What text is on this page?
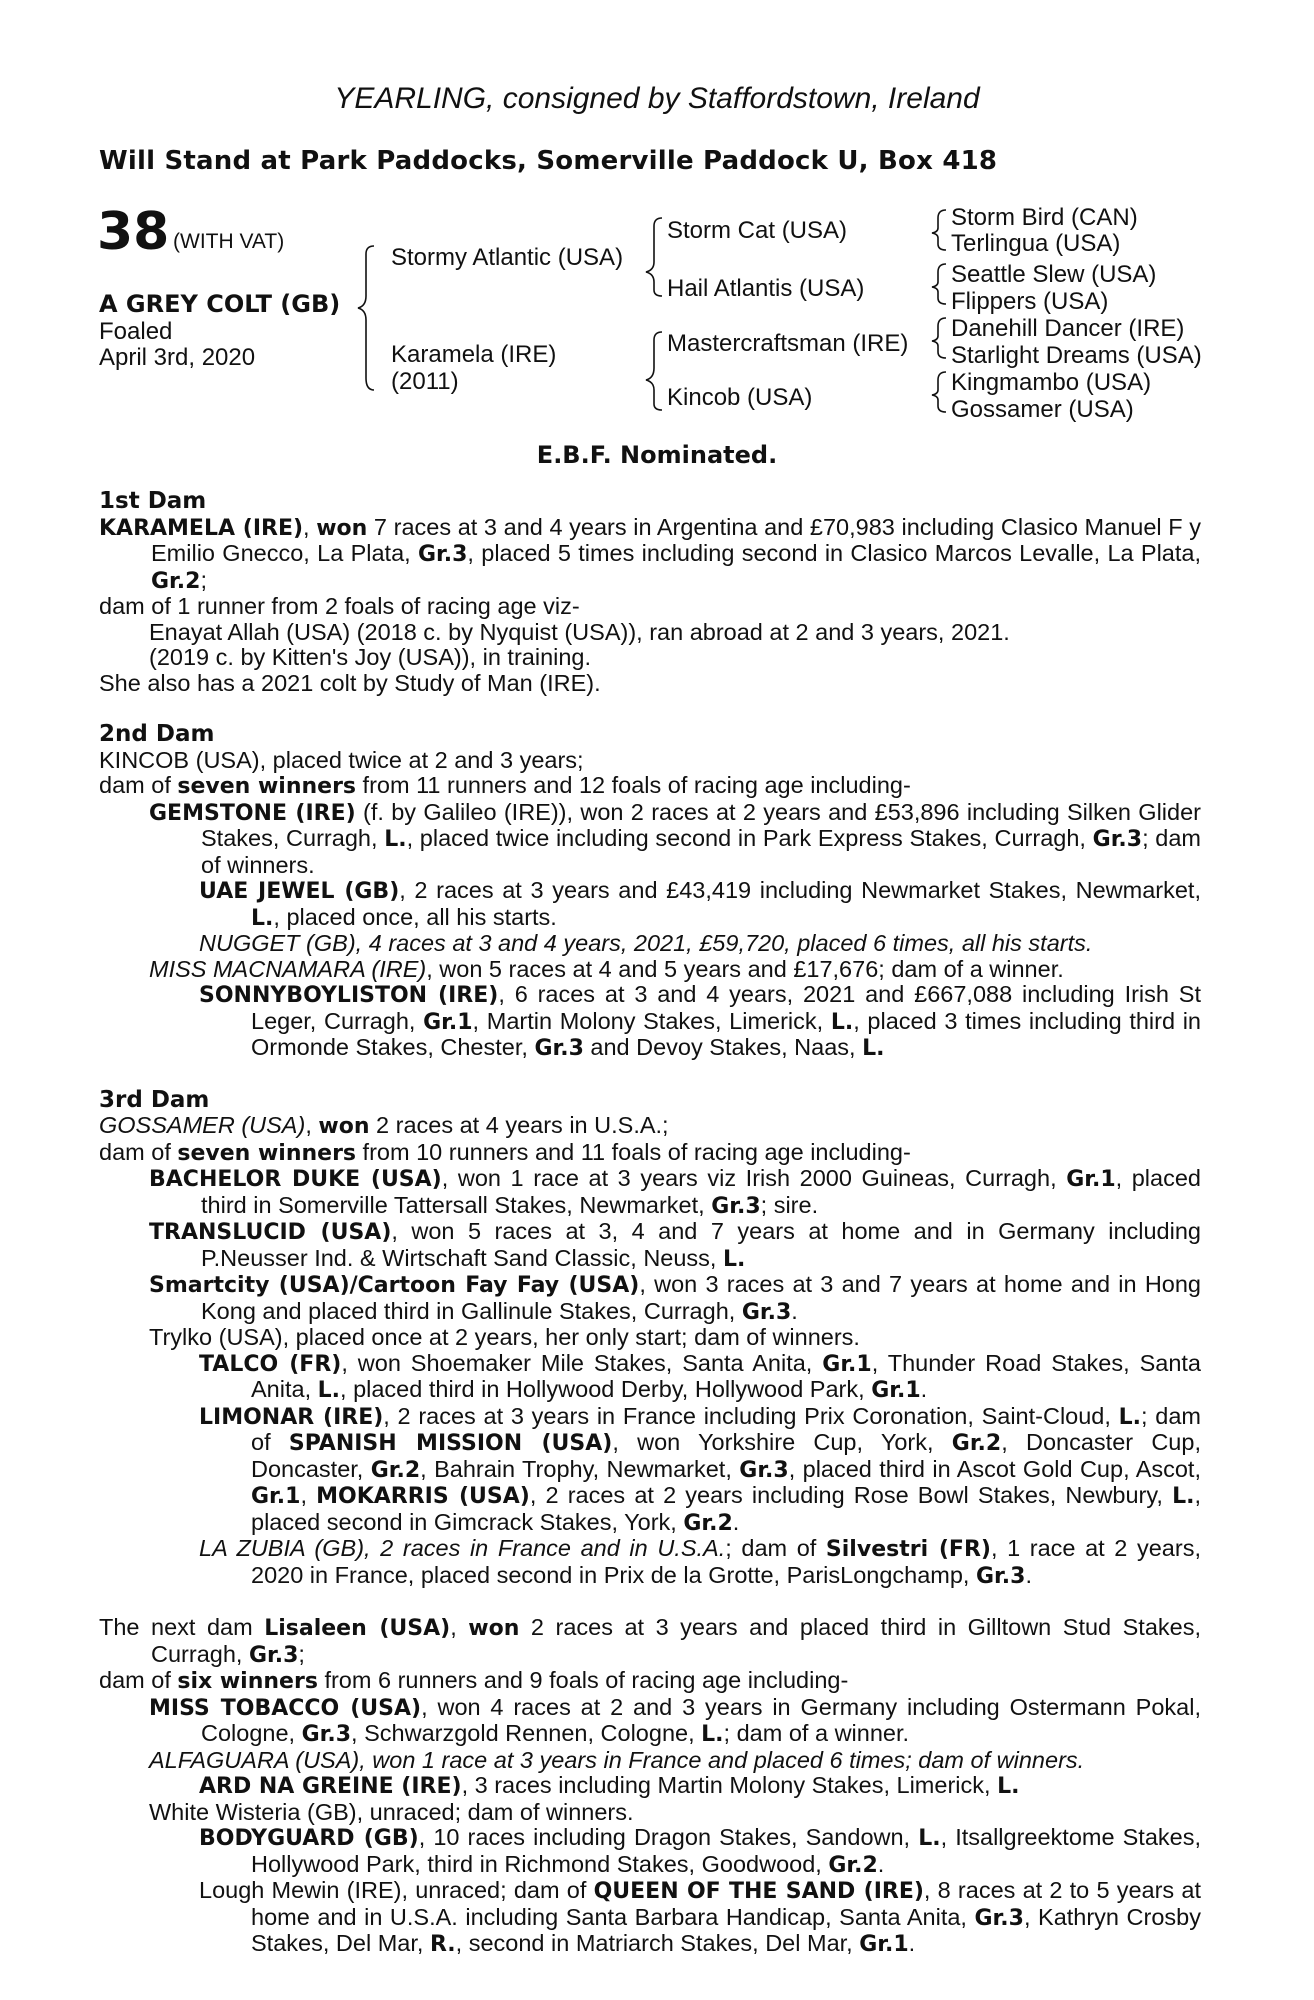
YEARLING, consigned by Staffordstown, Ireland
Will Stand at Park Paddocks, Somerville Paddock U, Box 418
38 (WITH VAT)
A GREY COLT (GB)
Foaled
April 3rd, 2020
Stormy Atlantic (USA)
Karamela (IRE)
(2011)
Storm Cat (USA)
Hail Atlantis (USA)
Mastercraftsman (IRE)
Kincob (USA)
Storm Bird (CAN)
Terlingua (USA)
Seattle Slew (USA)
Flippers (USA)
Danehill Dancer (IRE)
Starlight Dreams (USA)
Kingmambo (USA)
Gossamer (USA)
E.B.F. Nominated.

1st Dam

KARAMELA (IRE), won 7 races at 3 and 4 years in Argentina and £70,983 including Clasico Manuel F y Emilio Gnecco, La Plata, Gr.3, placed 5 times including second in Clasico Marcos Levalle, La Plata, Gr.2;

dam of 1 runner from 2 foals of racing age viz-

Enayat Allah (USA) (2018 c. by Nyquist (USA)), ran abroad at 2 and 3 years, 2021.

(2019 c. by Kitten's Joy (USA)), in training.

She also has a 2021 colt by Study of Man (IRE).

2nd Dam

KINCOB (USA), placed twice at 2 and 3 years;

dam of seven winners from 11 runners and 12 foals of racing age including-

GEMSTONE (IRE) (f. by Galileo (IRE)), won 2 races at 2 years and £53,896 including Silken Glider Stakes, Curragh, L., placed twice including second in Park Express Stakes, Curragh, Gr.3; dam of winners.

UAE JEWEL (GB), 2 races at 3 years and £43,419 including Newmarket Stakes, Newmarket, L., placed once, all his starts.

NUGGET (GB), 4 races at 3 and 4 years, 2021, £59,720, placed 6 times, all his starts.

MISS MACNAMARA (IRE), won 5 races at 4 and 5 years and £17,676; dam of a winner.

SONNYBOYLISTON (IRE), 6 races at 3 and 4 years, 2021 and £667,088 including Irish St Leger, Curragh, Gr.1, Martin Molony Stakes, Limerick, L., placed 3 times including third in Ormonde Stakes, Chester, Gr.3 and Devoy Stakes, Naas, L.

3rd Dam

GOSSAMER (USA), won 2 races at 4 years in U.S.A.;

dam of seven winners from 10 runners and 11 foals of racing age including-

BACHELOR DUKE (USA), won 1 race at 3 years viz Irish 2000 Guineas, Curragh, Gr.1, placed third in Somerville Tattersall Stakes, Newmarket, Gr.3; sire.

TRANSLUCID (USA), won 5 races at 3, 4 and 7 years at home and in Germany including P.Neusser Ind. & Wirtschaft Sand Classic, Neuss, L.

Smartcity (USA)/Cartoon Fay Fay (USA), won 3 races at 3 and 7 years at home and in Hong Kong and placed third in Gallinule Stakes, Curragh, Gr.3.

Trylko (USA), placed once at 2 years, her only start; dam of winners.

TALCO (FR), won Shoemaker Mile Stakes, Santa Anita, Gr.1, Thunder Road Stakes, Santa Anita, L., placed third in Hollywood Derby, Hollywood Park, Gr.1.

LIMONAR (IRE), 2 races at 3 years in France including Prix Coronation, Saint-Cloud, L.; dam of SPANISH MISSION (USA), won Yorkshire Cup, York, Gr.2, Doncaster Cup, Doncaster, Gr.2, Bahrain Trophy, Newmarket, Gr.3, placed third in Ascot Gold Cup, Ascot, Gr.1, MOKARRIS (USA), 2 races at 2 years including Rose Bowl Stakes, Newbury, L., placed second in Gimcrack Stakes, York, Gr.2.

LA ZUBIA (GB), 2 races in France and in U.S.A.; dam of Silvestri (FR), 1 race at 2 years, 2020 in France, placed second in Prix de la Grotte, ParisLongchamp, Gr.3.

The next dam Lisaleen (USA), won 2 races at 3 years and placed third in Gilltown Stud Stakes, Curragh, Gr.3;

dam of six winners from 6 runners and 9 foals of racing age including-

MISS TOBACCO (USA), won 4 races at 2 and 3 years in Germany including Ostermann Pokal, Cologne, Gr.3, Schwarzgold Rennen, Cologne, L.; dam of a winner.

ALFAGUARA (USA), won 1 race at 3 years in France and placed 6 times; dam of winners.

ARD NA GREINE (IRE), 3 races including Martin Molony Stakes, Limerick, L.

White Wisteria (GB), unraced; dam of winners.

BODYGUARD (GB), 10 races including Dragon Stakes, Sandown, L., Itsallgreektome Stakes, Hollywood Park, third in Richmond Stakes, Goodwood, Gr.2.

Lough Mewin (IRE), unraced; dam of QUEEN OF THE SAND (IRE), 8 races at 2 to 5 years at home and in U.S.A. including Santa Barbara Handicap, Santa Anita, Gr.3, Kathryn Crosby Stakes, Del Mar, R., second in Matriarch Stakes, Del Mar, Gr.1.
